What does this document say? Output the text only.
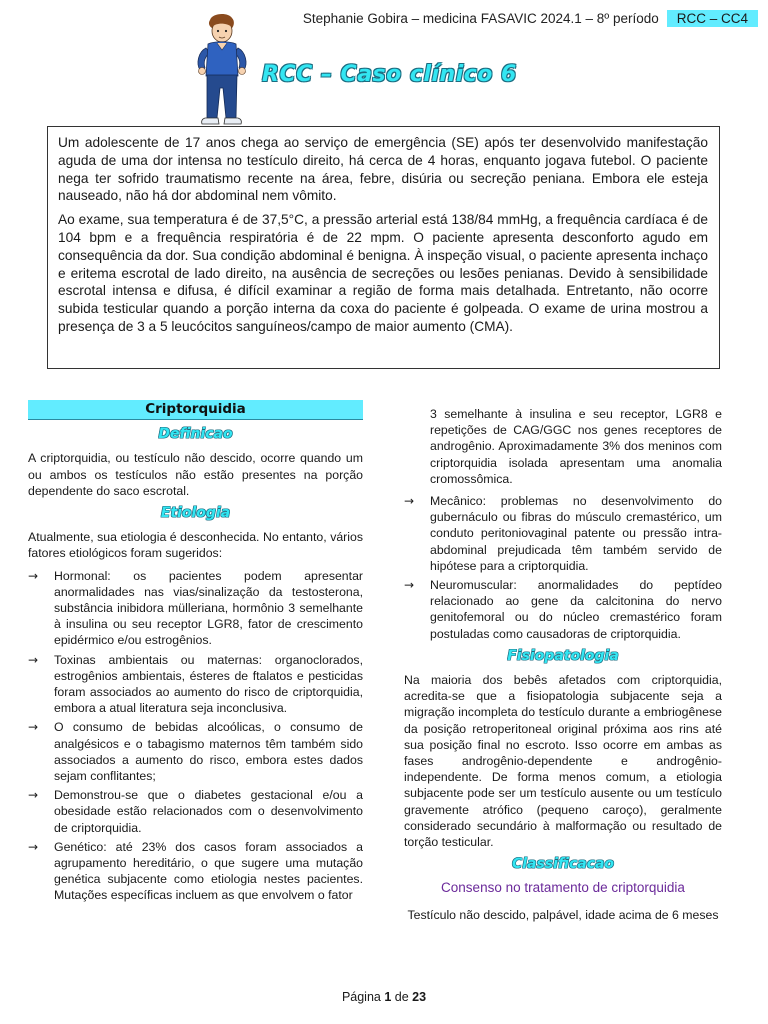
Stephanie Gobira – medicina FASAVIC 2024.1 – 8º período	RCC – CC4
RCC – Caso clínico 6

Um adolescente de 17 anos chega ao serviço de emergência (SE) após ter desenvolvido manifestação aguda de uma dor intensa no testículo direito, há cerca de 4 horas, enquanto jogava futebol. O paciente nega ter sofrido traumatismo recente na área, febre, disúria ou secreção peniana. Embora ele esteja nauseado, não há dor abdominal nem vômito.

Ao exame, sua temperatura é de 37,5°C, a pressão arterial está 138/84 mmHg, a frequência cardíaca é de 104 bpm e a frequência respiratória é de 22 mpm. O paciente apresenta desconforto agudo em consequência da dor. Sua condição abdominal é benigna. À inspeção visual, o paciente apresenta inchaço e eritema escrotal de lado direito, na ausência de secreções ou lesões penianas. Devido à sensibilidade escrotal intensa e difusa, é difícil examinar a região de forma mais detalhada. Entretanto, não ocorre subida testicular quando a porção interna da coxa do paciente é golpeada. O exame de urina mostrou a presença de 3 a 5 leucócitos sanguíneos/campo de maior aumento (CMA).

Criptorquidia
Definicao

A criptorquidia, ou testículo não descido, ocorre quando um ou ambos os testículos não estão presentes na porção dependente do saco escrotal.

Etiologia

Atualmente, sua etiologia é desconhecida. No entanto, vários fatores etiológicos foram sugeridos:

→	Hormonal: os pacientes podem apresentar anormalidades nas vias/sinalização da testosterona, substância inibidora mülleriana, hormônio 3 semelhante à insulina ou seu receptor LGR8, fator de crescimento epidérmico e/ou estrogênios.
→	Toxinas ambientais ou maternas: organoclorados, estrogênios ambientais, ésteres de ftalatos e pesticidas foram associados ao aumento do risco de criptorquidia, embora a atual literatura seja inconclusiva.
→	O consumo de bebidas alcoólicas, o consumo de analgésicos e o tabagismo maternos têm também sido associados a aumento do risco, embora estes dados sejam conflitantes;
→	Demonstrou-se que o diabetes gestacional e/ou a obesidade estão relacionados com o desenvolvimento de criptorquidia.
→	Genético: até 23% dos casos foram associados a agrupamento hereditário, o que sugere uma mutação genética subjacente como etiologia nestes pacientes. Mutações específicas incluem as que envolvem o fator
3 semelhante à insulina e seu receptor, LGR8 e repetições de CAG/GGC nos genes receptores de androgênio. Aproximadamente 3% dos meninos com criptorquidia isolada apresentam uma anomalia cromossômica.
→	Mecânico: problemas no desenvolvimento do gubernáculo ou fibras do músculo cremastérico, um conduto peritoniovaginal patente ou pressão intra-abdominal prejudicada têm também servido de hipótese para a criptorquidia.
→	Neuromuscular: anormalidades do peptídeo relacionado ao gene da calcitonina do nervo genitofemoral ou do núcleo cremastérico foram postuladas como causadoras de criptorquidia.
Fisiopatologia

Na maioria dos bebês afetados com criptorquidia, acredita-se que a fisiopatologia subjacente seja a migração incompleta do testículo durante a embriogênese da posição retroperitoneal original próxima aos rins até sua posição final no escroto. Isso ocorre em ambas as fases androgênio-dependente e androgênio-independente. De forma menos comum, a etiologia subjacente pode ser um testículo ausente ou um testículo gravemente atrófico (pequeno caroço), geralmente considerado secundário à malformação ou resultado de torção testicular.

Classificacao
Consenso no tratamento de criptorquidia

Testículo não descido, palpável, idade acima de 6 meses

Página 1 de 23
